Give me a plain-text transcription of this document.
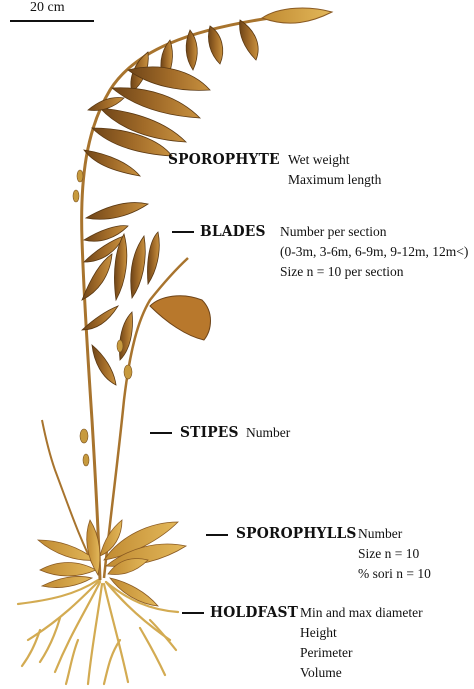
20 cm
SPOROPHYTE Wet weight
Maximum length
BLADES Number per section
(0-3m, 3-6m, 6-9m, 9-12m, 12m<)
Size n = 10 per section
STIPES Number
SPOROPHYLLS Number
Size n = 10
% sori n = 10
HOLDFAST Min and max diameter
Height
Perimeter
Volume
